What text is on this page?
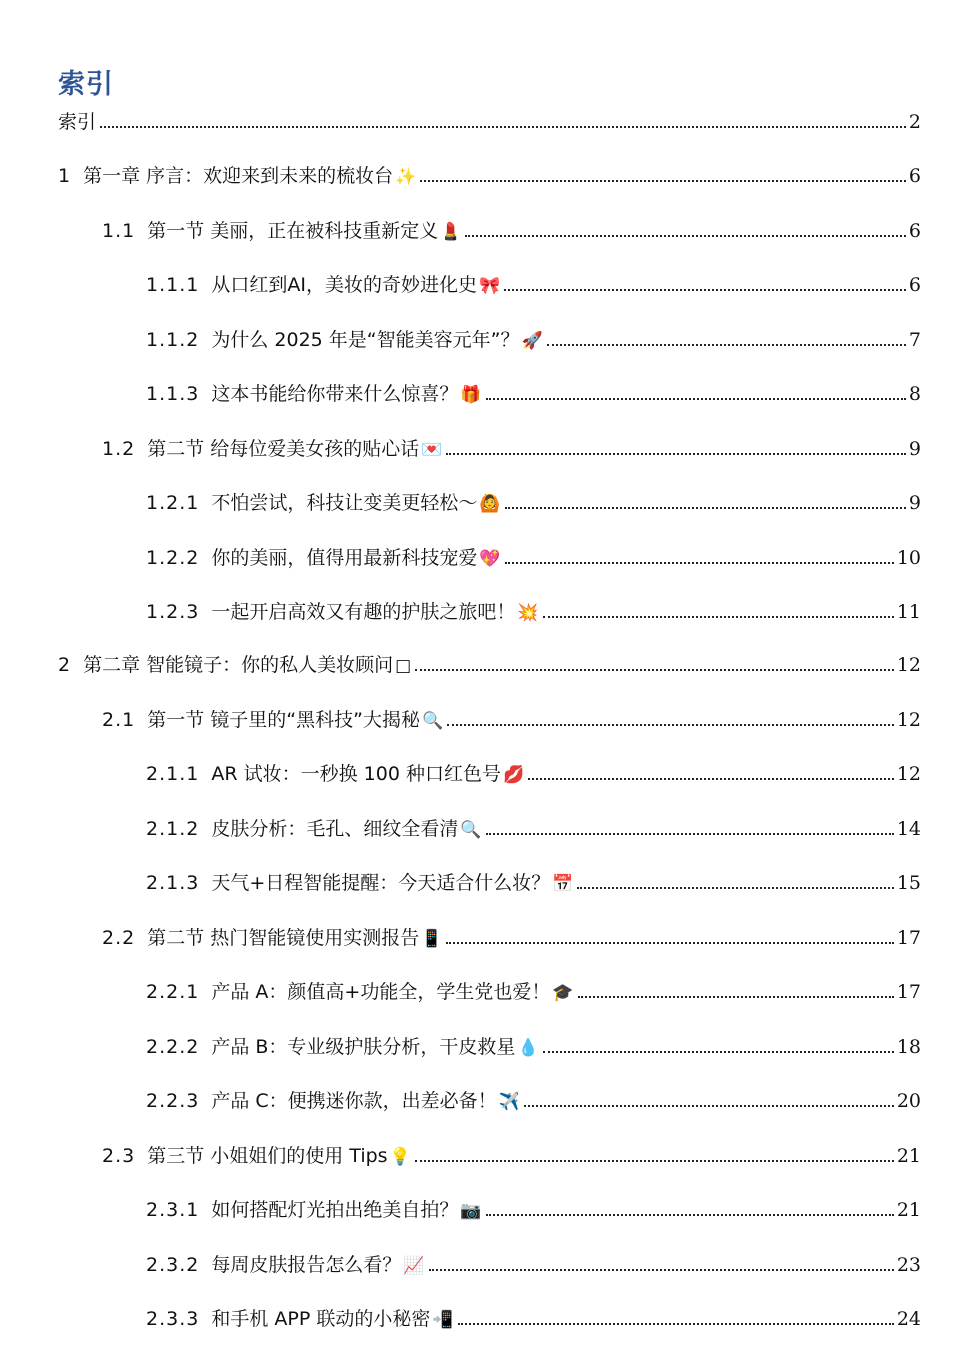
索引
索引	2
1 第一章 序言：欢迎来到未来的梳妆台 ✨	6
1.1 第一节 美丽，正在被科技重新定义 💄	6
1.1.1 从口红到AI，美妆的奇妙进化史 🎀	6
1.1.2 为什么 2025 年是“智能美容元年”？ 🚀	7
1.1.3 这本书能给你带来什么惊喜？ 🎁	8
1.2 第二节 给每位爱美女孩的贴心话 💌	9
1.2.1 不怕尝试，科技让变美更轻松～ 🙆	9
1.2.2 你的美丽，值得用最新科技宠爱 💖	10
1.2.3 一起开启高效又有趣的护肤之旅吧！ 💥	11
2 第二章 智能镜子：你的私人美妆顾问 □	12
2.1 第一节 镜子里的“黑科技”大揭秘 🔍	12
2.1.1 AR 试妆：一秒换 100 种口红色号 💋	12
2.1.2 皮肤分析：毛孔、细纹全看清 🔍	14
2.1.3 天气+日程智能提醒：今天适合什么妆？ 📅	15
2.2 第二节 热门智能镜使用实测报告 📱	17
2.2.1 产品 A：颜值高+功能全，学生党也爱！ 🎓	17
2.2.2 产品 B：专业级护肤分析，干皮救星 💧	18
2.2.3 产品 C：便携迷你款，出差必备！ ✈️	20
2.3 第三节 小姐姐们的使用 Tips 💡	21
2.3.1 如何搭配灯光拍出绝美自拍？ 📷	21
2.3.2 每周皮肤报告怎么看？ 📈	23
2.3.3 和手机 APP 联动的小秘密 📲	24
